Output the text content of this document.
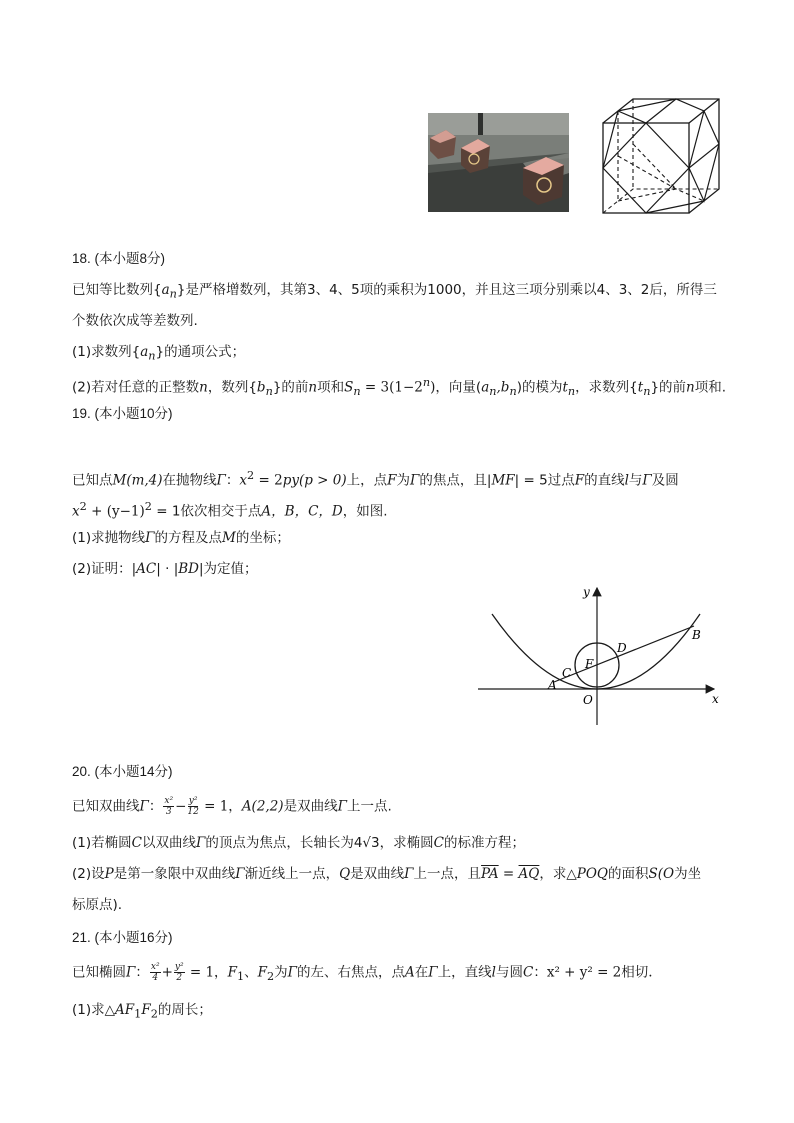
18. (本小题8分)
已知等比数列$\{a_n\}$是严格增数列，其第3、4、5项的乘积为1000，并且这三项分别乘以4、3、2后，所得三
个数依次成等差数列.
(1)求数列$\{a_n\}$的通项公式；
(2)若对任意的正整数n，数列$\{b_n\}$的前n项和$S_n = 3(1-2^n)$，向量$(a_n,b_n)$的模为$t_n$，求数列$\{t_n\}$的前n项和.
19. (本小题10分)
已知点M(m,4)在抛物线Γ：$x^2 = 2py(p > 0)$上，点F为Γ的焦点，且|MF| = 5过点F的直线l与Γ及圆
$x^2 + (y-1)^2 = 1$依次相交于点A，B，C，D，如图.
(1)求抛物线Γ的方程及点M的坐标；
(2)证明：|AC| · |BD|为定值；
y
x
O
A
B
C
D
F
20. (本小题14分)
已知双曲线Γ： $\frac{\text{x²}}{3} - \frac{\text{y²}}{12} = 1$，A(2,2)是双曲线Γ上一点.
(1)若椭圆C以双曲线Γ的顶点为焦点，长轴长为4√3，求椭圆C的标准方程；
(2)设P是第一象限中双曲线Γ渐近线上一点，Q是双曲线Γ上一点，且$\overline{PA} = \overline{AQ}$，求△POQ的面积S(O为坐
标原点).
21. (本小题16分)
已知椭圆Γ： $\frac{\text{x²}}{4} + \frac{\text{y²}}{2} = 1$，$F_1$、$F_2$为Γ的左、右焦点，点A在Γ上，直线l与圆C：x² + y² = 2相切.
(1)求$\triangle AF_1F_2$的周长；
